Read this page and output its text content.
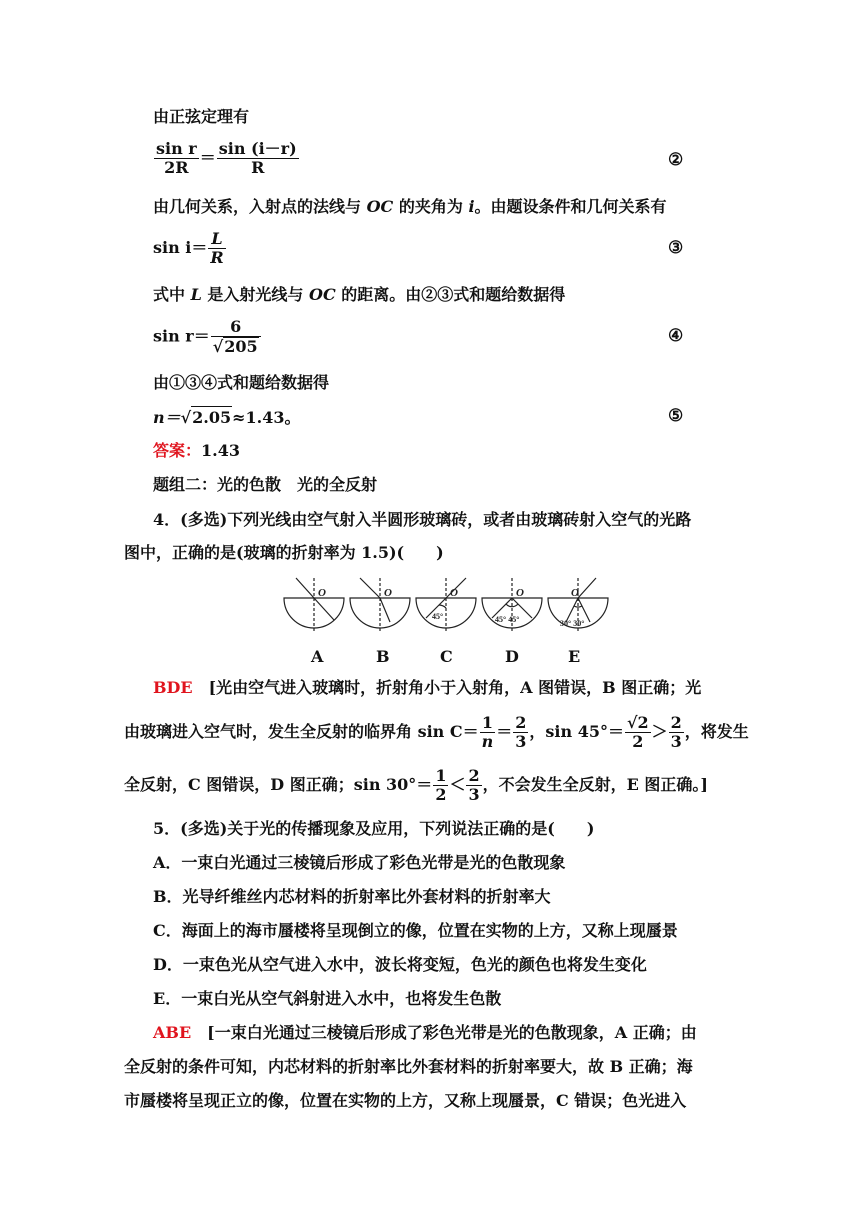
由正弦定理有
$\frac{\text{sin r}}{2R} = \frac{\sin (i-r)}{R}$	②
由几何关系，入射点的法线与 OC 的夹角为 i。由题设条件和几何关系有
$\sin i= \frac{L}{R}$	③
式中 L 是入射光线与 OC 的距离。由②③式和题给数据得
$\sin r= \frac{6}{√205}$	④
由①③④式和题给数据得
n＝√2.05≈1.43。	⑤
答案：1.43
题组二：光的色散　光的全反射
4．(多选)下列光线由空气射入半圆形玻璃砖，或者由玻璃砖射入空气的光路
图中，正确的是(玻璃的折射率为 1.5)(　　)
O	O	O	O	O
45°	45° 45°	30° 30°
A	B	C	D	E
BDE　 [光由空气进入玻璃时，折射角小于入射角，A 图错误，B 图正确；光
由玻璃进入空气时，发生全反射的临界角 $\sin C= \frac{1}{n} = \frac{2}{3}$ ，$\sin 45^\circ= \frac{√2}{2} > \frac{2}{3}$ ，将发生
全反射，C 图错误，D 图正确；$\sin 30^\circ= \frac{1}{2} < \frac{2}{3}$ ，不会发生全反射，E 图正确。]
5．(多选)关于光的传播现象及应用，下列说法正确的是(　　)
A．一束白光通过三棱镜后形成了彩色光带是光的色散现象
B．光导纤维丝内芯材料的折射率比外套材料的折射率大
C．海面上的海市蜃楼将呈现倒立的像，位置在实物的上方，又称上现蜃景
D．一束色光从空气进入水中，波长将变短，色光的颜色也将发生变化
E．一束白光从空气斜射进入水中，也将发生色散
ABE　 [一束白光通过三棱镜后形成了彩色光带是光的色散现象，A 正确；由
全反射的条件可知，内芯材料的折射率比外套材料的折射率要大，故 B 正确；海
市蜃楼将呈现正立的像，位置在实物的上方，又称上现蜃景，C 错误；色光进入
